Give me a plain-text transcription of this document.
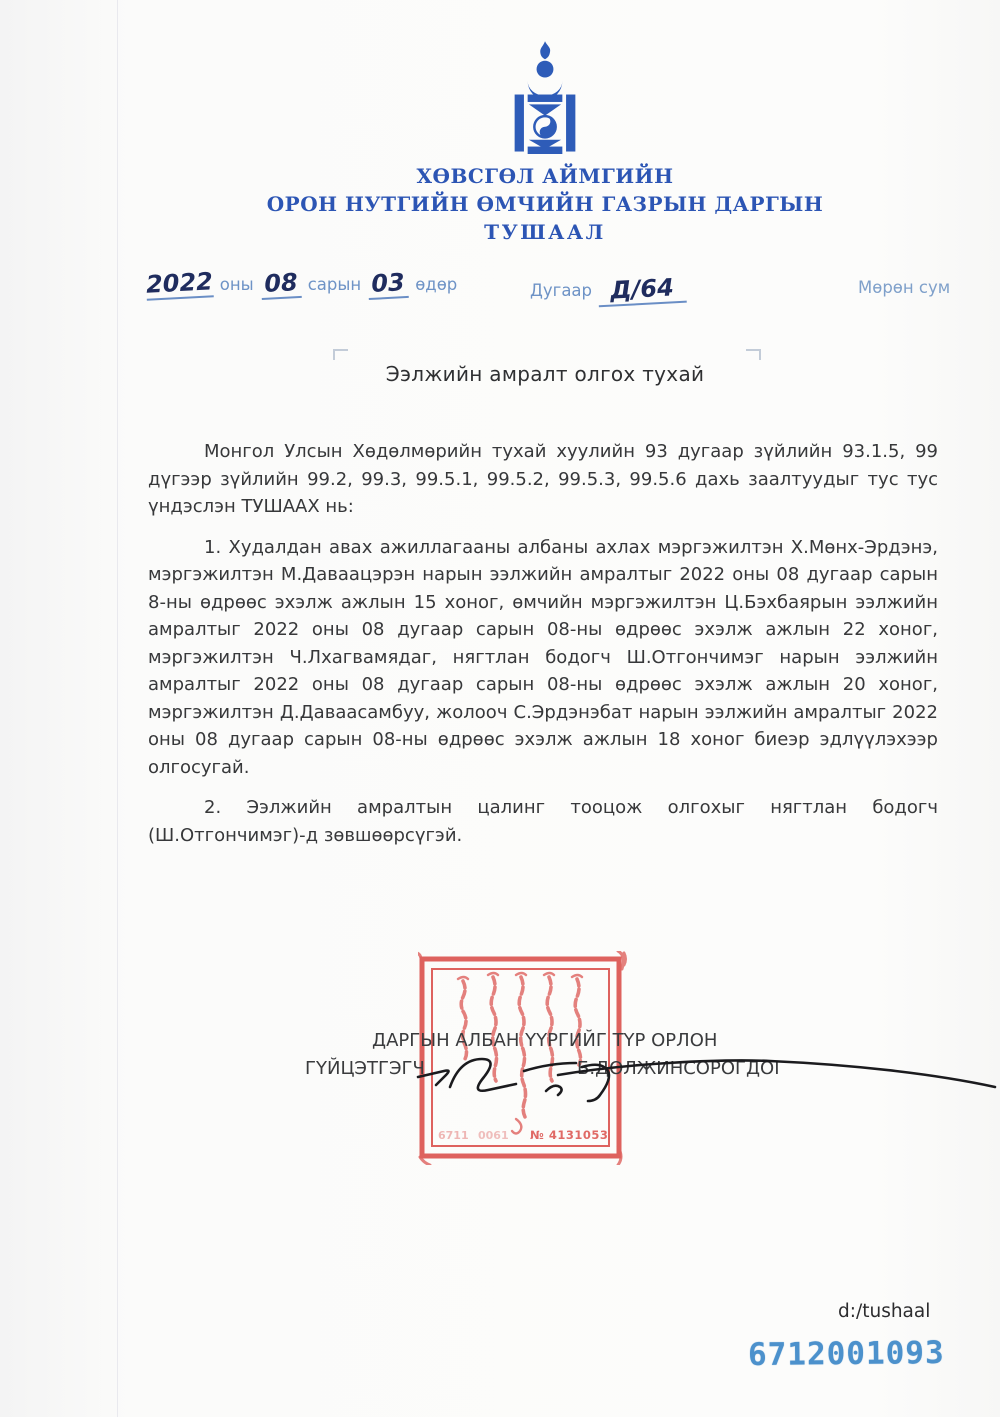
ХӨВСГӨЛ АЙМГИЙН
ОРОН НУТГИЙН ӨМЧИЙН ГАЗРЫН ДАРГЫН
ТУШААЛ
2022 оны 08 сарын 03 өдөр	Дугаар Д/64	Мөрөн сум
Ээлжийн амралт олгох тухай
Монгол Улсын Хөдөлмөрийн тухай хуулийн 93 дугаар зүйлийн 93.1.5, 99
дүгээр зүйлийн 99.2, 99.3, 99.5.1, 99.5.2, 99.5.3, 99.5.6 дахь заалтуудыг тус тус
үндэслэн ТУШААХ нь:
1. Худалдан авах ажиллагааны албаны ахлах мэргэжилтэн Х.Мөнх-Эрдэнэ,
мэргэжилтэн М.Даваацэрэн нарын ээлжийн амралтыг 2022 оны 08 дугаар сарын
8-ны өдрөөс эхэлж ажлын 15 хоног, өмчийн мэргэжилтэн Ц.Бэхбаярын ээлжийн
амралтыг 2022 оны 08 дугаар сарын 08-ны өдрөөс эхэлж ажлын 22 хоног,
мэргэжилтэн Ч.Лхагвамядаг, нягтлан бодогч Ш.Отгончимэг нарын ээлжийн
амралтыг 2022 оны 08 дугаар сарын 08-ны өдрөөс эхэлж ажлын 20 хоног,
мэргэжилтэн Д.Даваасамбуу, жолооч С.Эрдэнэбат нарын ээлжийн амралтыг 2022
оны 08 дугаар сарын 08-ны өдрөөс эхэлж ажлын 18 хоног биеэр эдлүүлэхээр
олгосугай.
2. Ээлжийн амралтын цалинг тооцож олгохыг нягтлан бодогч
(Ш.Отгончимэг)-д зөвшөөрсүгэй.
6711 0061 № 4131053
ДАРГЫН АЛБАН ҮҮРГИЙГ ТҮР ОРЛОН
ГҮЙЦЭТГЭГЧ	Б.ДОЛЖИНСОРОГДОГ
d:/tushaal
6712001093
